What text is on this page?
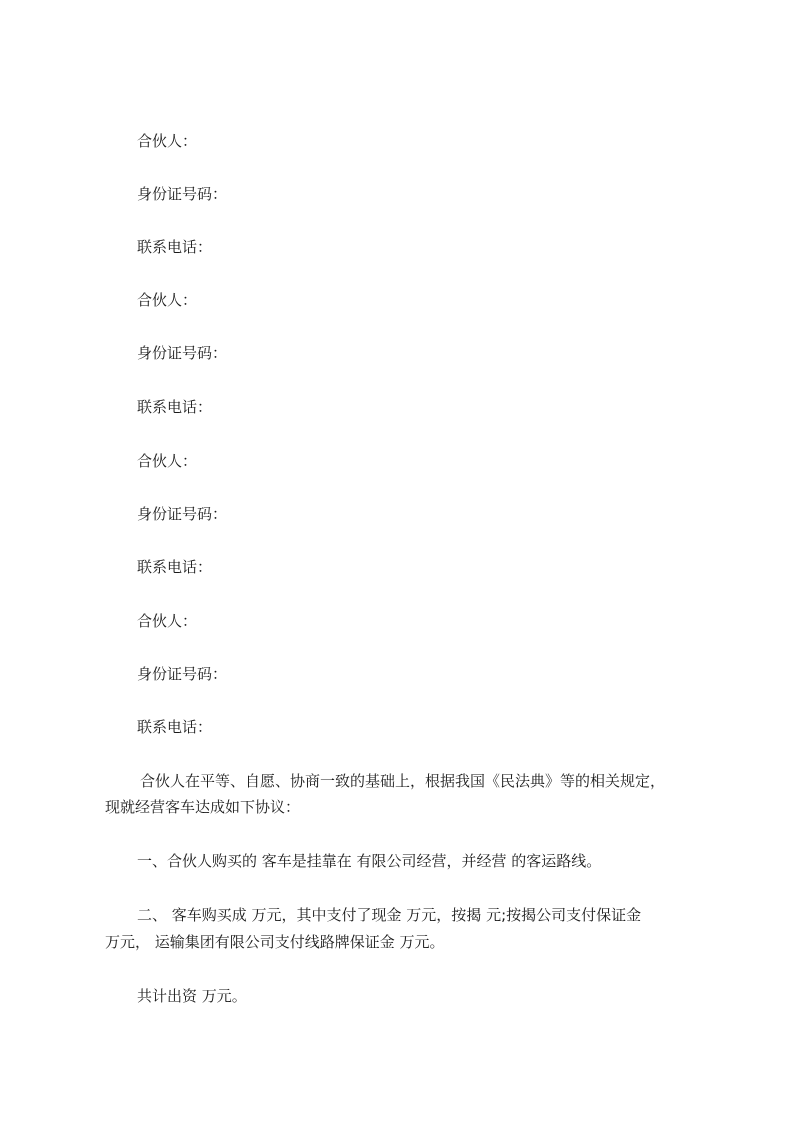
合伙人：
身份证号码：
联系电话：
合伙人：
身份证号码：
联系电话：
合伙人：
身份证号码：
联系电话：
合伙人：
身份证号码：
联系电话：
合伙人在平等、自愿、协商一致的基础上，根据我国《民法典》等的相关规定，
现就经营客车达成如下协议：
一、合伙人购买的 客车是挂靠在 有限公司经营，并经营 的客运路线。
二、 客车购买成 万元，其中支付了现金 万元，按揭 元;按揭公司支付保证金
万元， 运输集团有限公司支付线路牌保证金 万元。
共计出资 万元。
